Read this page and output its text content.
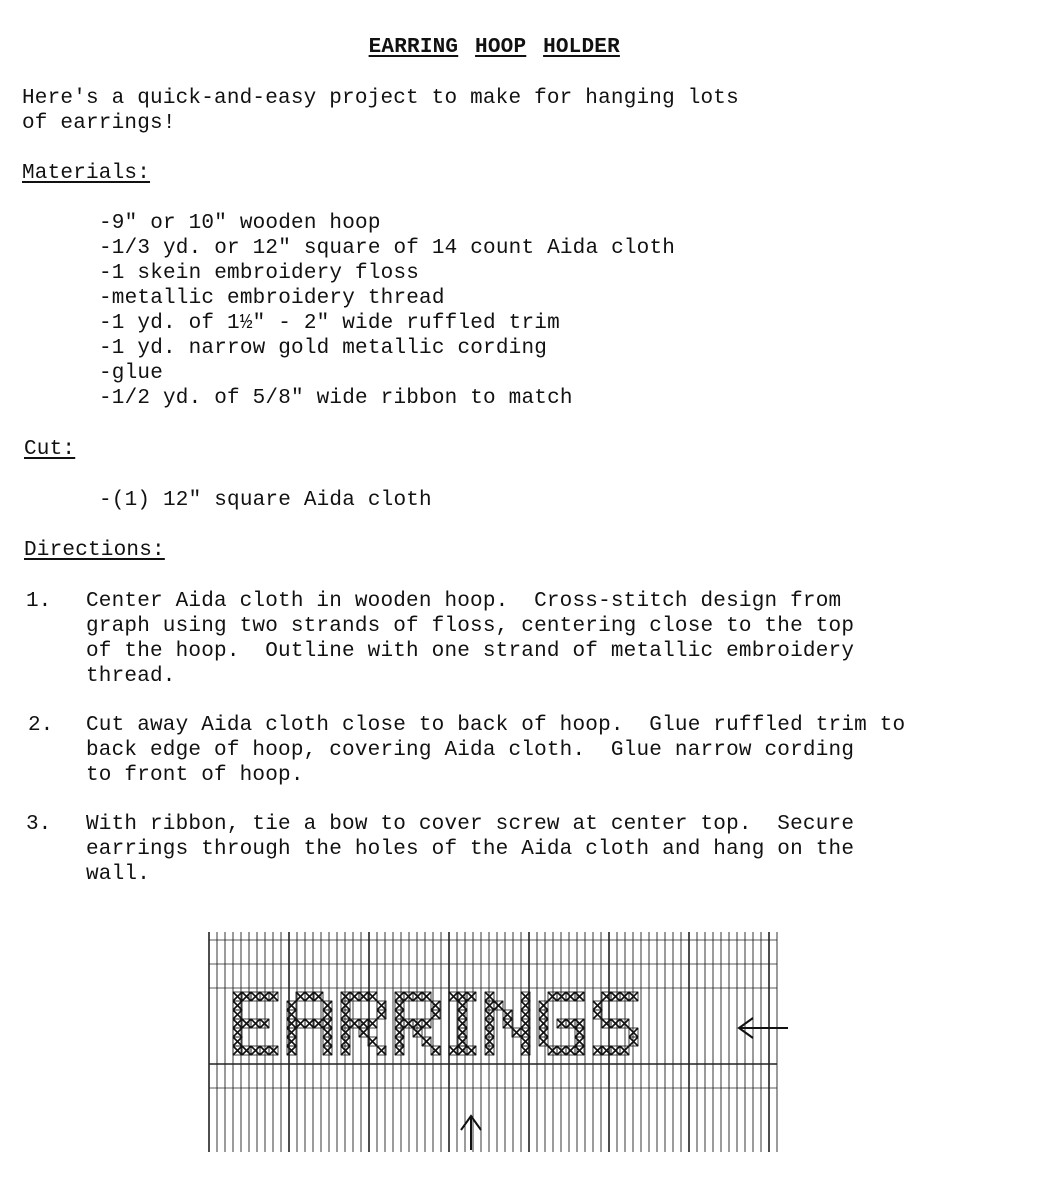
EARRING HOOP HOLDER

Here's a quick-and-easy project to make for hanging lots
of earrings!
Materials:
-9" or 10" wooden hoop
-1/3 yd. or 12" square of 14 count Aida cloth
-1 skein embroidery floss
-metallic embroidery thread
-1 yd. of 1½" - 2" wide ruffled trim
-1 yd. narrow gold metallic cording
-glue
-1/2 yd. of 5/8" wide ribbon to match
Cut:
-(1) 12" square Aida cloth
Directions:
1. Center Aida cloth in wooden hoop.  Cross-stitch design from
graph using two strands of floss, centering close to the top
of the hoop.  Outline with one strand of metallic embroidery
thread.
2. Cut away Aida cloth close to back of hoop.  Glue ruffled trim to
back edge of hoop, covering Aida cloth.  Glue narrow cording
to front of hoop.
3. With ribbon, tie a bow to cover screw at center top.  Secure
earrings through the holes of the Aida cloth and hang on the
wall.
